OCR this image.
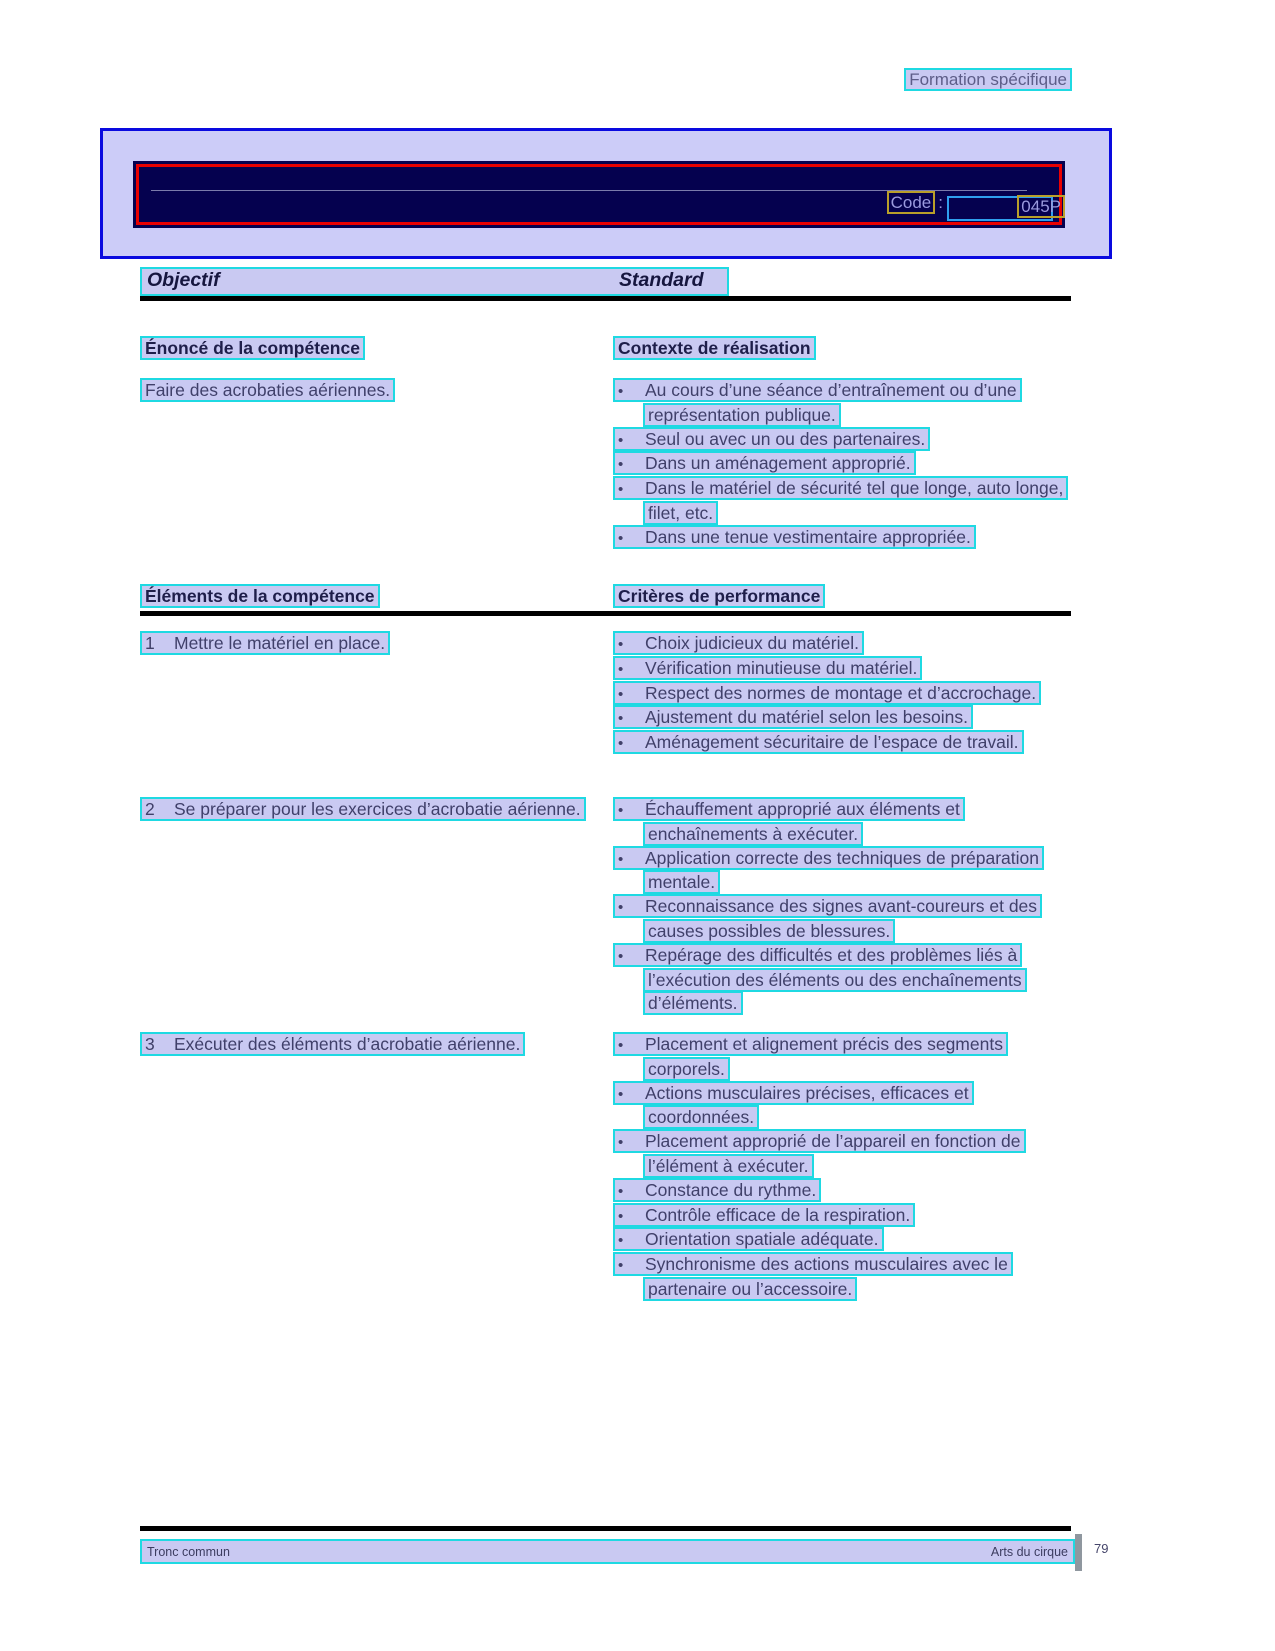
Formation spécifique
Code :	045P
Objectif	Standard
Énoncé de la compétence	Contexte de réalisation
Faire des acrobaties aériennes. •	Au cours d’une séance d’entraînement ou d’une représentation publique.
•Seul ou avec un ou des partenaires.
•Dans un aménagement approprié.
•Dans le matériel de sécurité tel que longe, auto longe, filet, etc.
•Dans une tenue vestimentaire appropriée.
Éléments de la compétence	Critères de performance
1 Mettre le matériel en place. •	Choix judicieux du matériel.
•Vérification minutieuse du matériel.
•Respect des normes de montage et d’accrochage.
•Ajustement du matériel selon les besoins.
•Aménagement sécuritaire de l’espace de travail.
2 Se préparer pour les exercices d’acrobatie aérienne. •	Échauffement approprié aux éléments et enchaînements à exécuter.
•Application correcte des techniques de préparation mentale.
•Reconnaissance des signes avant-coureurs et des causes possibles de blessures.
•Repérage des difficultés et des problèmes liés à l’exécution des éléments ou des enchaînements d’éléments.
3 Exécuter des éléments d’acrobatie aérienne. •	Placement et alignement précis des segments corporels.
•Actions musculaires précises, efficaces et coordonnées.
•Placement approprié de l’appareil en fonction de l’élément à exécuter.
•Constance du rythme.
•Contrôle efficace de la respiration.
•Orientation spatiale adéquate.
•Synchronisme des actions musculaires avec le partenaire ou l’accessoire.
Tronc commun	Arts du cirque 79
